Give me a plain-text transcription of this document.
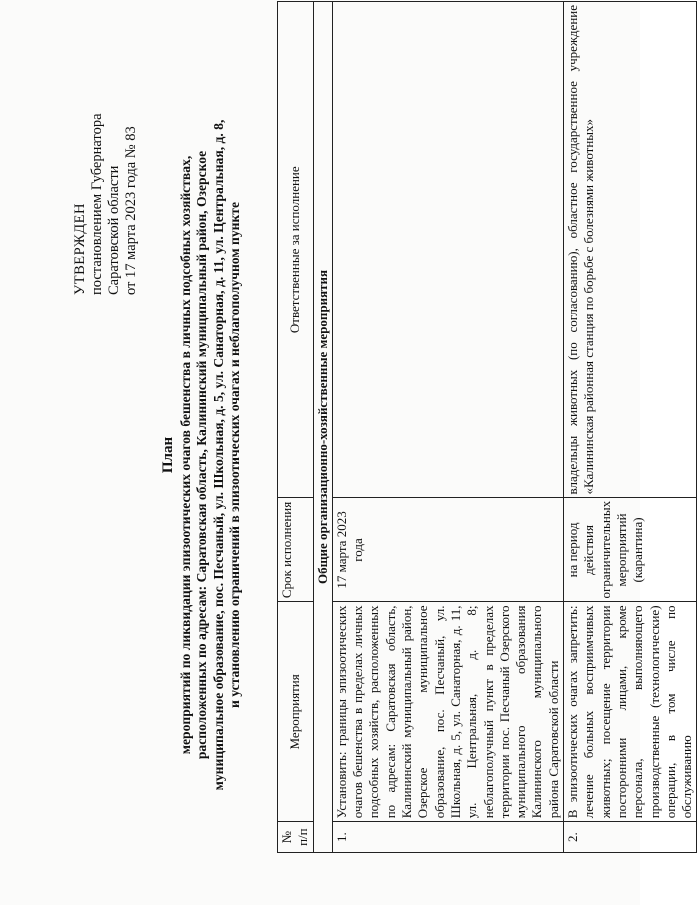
УТВЕРЖДЕН постановлением Губернатора Саратовской области от 17 марта 2023 года № 83
План мероприятий по ликвидации эпизоотических очагов бешенства в личных подсобных хозяйствах, расположенных по адресам: Саратовская область, Калининский муниципальный район, Озерское муниципальное образование, пос. Песчаный, ул. Школьная, д. 5, ул. Санаторная, д. 11, ул. Центральная, д. 8, и установлению ограничений в эпизоотических очагах и неблагополучном пункте
№ п/п	Мероприятия	Срок исполнения	Ответственные за исполнение
Общие организационно-хозяйственные мероприятия			
1.	Установить: границы эпизоотических очагов бешенства в пределах личных подсобных хозяйств, расположенных по адресам: Саратовская область, Калининский муниципальный район, Озерское муниципальное образование, пос. Песчаный, ул. Школьная, д. 5, ул. Санаторная, д. 11, ул. Центральная, д. 8; неблагополучный пункт в пределах территории пос. Песчаный Озерского муниципального образования Калининского муниципального района Саратовской области	17 марта 2023 года	
2.	В эпизоотических очагах запретить: лечение больных восприимчивых животных; посещение территории посторонними лицами, кроме персонала, выполняющего производственные (технологические) операции, в том числе по обслуживанию	на период действия ограничительных мероприятий (карантина)	владельцы животных (по согласованию), областное государственное учреждение «Калининская районная станция по борьбе с болезнями животных»
